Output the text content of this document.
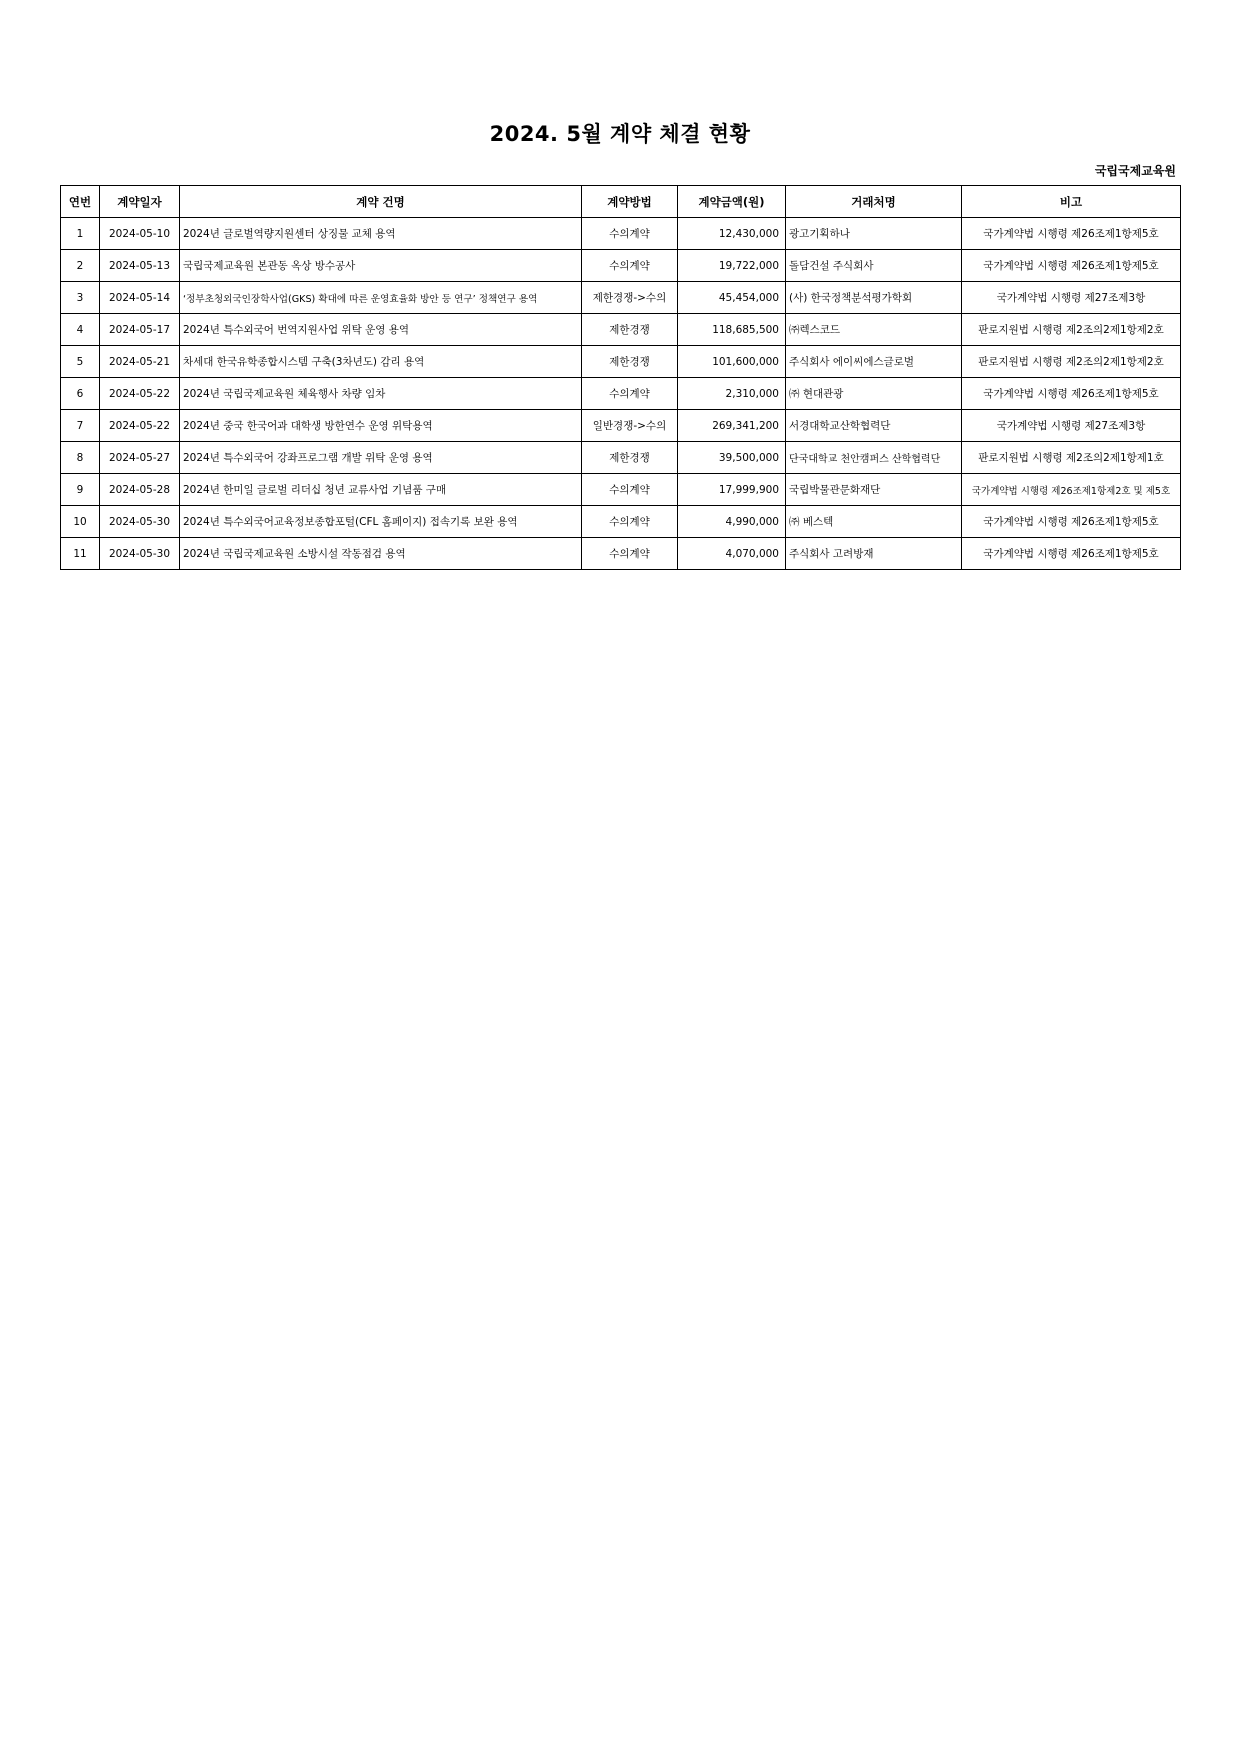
2024. 5월 계약 체결 현황
국립국제교육원
연번	계약일자	계약 건명	계약방법	계약금액(원)	거래처명	비고
1	2024-05-10	2024년 글로벌역량지원센터 상징물 교체 용역	수의계약	12,430,000	광고기획하나	국가계약법 시행령 제26조제1항제5호
2	2024-05-13	국립국제교육원 본관동 옥상 방수공사	수의계약	19,722,000	돌담건설 주식회사	국가계약법 시행령 제26조제1항제5호
3	2024-05-14	‘정부초청외국인장학사업(GKS) 확대에 따른 운영효율화 방안 등 연구’ 정책연구 용역	제한경쟁->수의	45,454,000	(사) 한국정책분석평가학회	국가계약법 시행령 제27조제3항
4	2024-05-17	2024년 특수외국어 번역지원사업 위탁 운영 용역	제한경쟁	118,685,500	㈜렉스코드	판로지원법 시행령 제2조의2제1항제2호
5	2024-05-21	차세대 한국유학종합시스템 구축(3차년도) 감리 용역	제한경쟁	101,600,000	주식회사 에이씨에스글로벌	판로지원법 시행령 제2조의2제1항제2호
6	2024-05-22	2024년 국립국제교육원 체육행사 차량 임차	수의계약	2,310,000	㈜ 현대관광	국가계약법 시행령 제26조제1항제5호
7	2024-05-22	2024년 중국 한국어과 대학생 방한연수 운영 위탁용역	일반경쟁->수의	269,341,200	서경대학교산학협력단	국가계약법 시행령 제27조제3항
8	2024-05-27	2024년 특수외국어 강좌프로그램 개발 위탁 운영 용역	제한경쟁	39,500,000	단국대학교 천안캠퍼스 산학협력단	판로지원법 시행령 제2조의2제1항제1호
9	2024-05-28	2024년 한미일 글로벌 리더십 청년 교류사업 기념품 구매	수의계약	17,999,900	국립박물관문화재단	국가계약법 시행령 제26조제1항제2호 및 제5호
10	2024-05-30	2024년 특수외국어교육정보종합포털(CFL 홈페이지) 접속기록 보완 용역	수의계약	4,990,000	㈜ 베스텍	국가계약법 시행령 제26조제1항제5호
11	2024-05-30	2024년 국립국제교육원 소방시설 작동점검 용역	수의계약	4,070,000	주식회사 고려방재	국가계약법 시행령 제26조제1항제5호
